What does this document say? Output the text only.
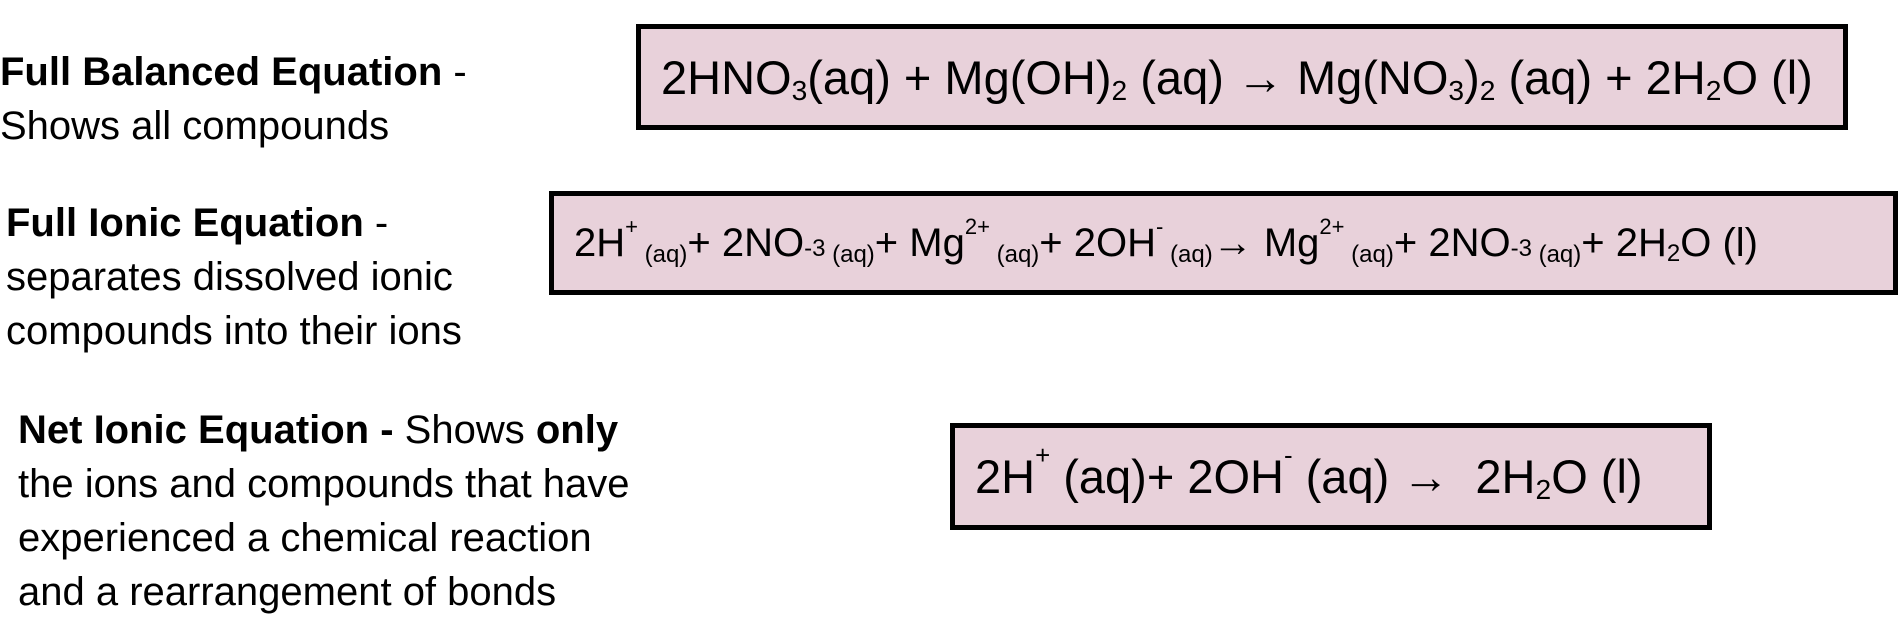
Full Balanced Equation -
Shows all compounds
2HNO 3 (aq) + Mg(OH) 2 (aq) → Mg(NO 3 ) 2 (aq) + 2H 2 O (l)
Full Ionic Equation -
separates dissolved ionic
compounds into their ions
2H +
(aq) + 2NO -3 (aq) + Mg 2+
(aq) + 2OH -
(aq) → Mg 2+
(aq) + 2NO -3 (aq) + 2H 2 O (l)
Net Ionic Equation - Shows only
the ions and compounds that have
experienced a chemical reaction
and a rearrangement of bonds
2H + (aq)+ 2OH - (aq) →  2H 2 O (l)
